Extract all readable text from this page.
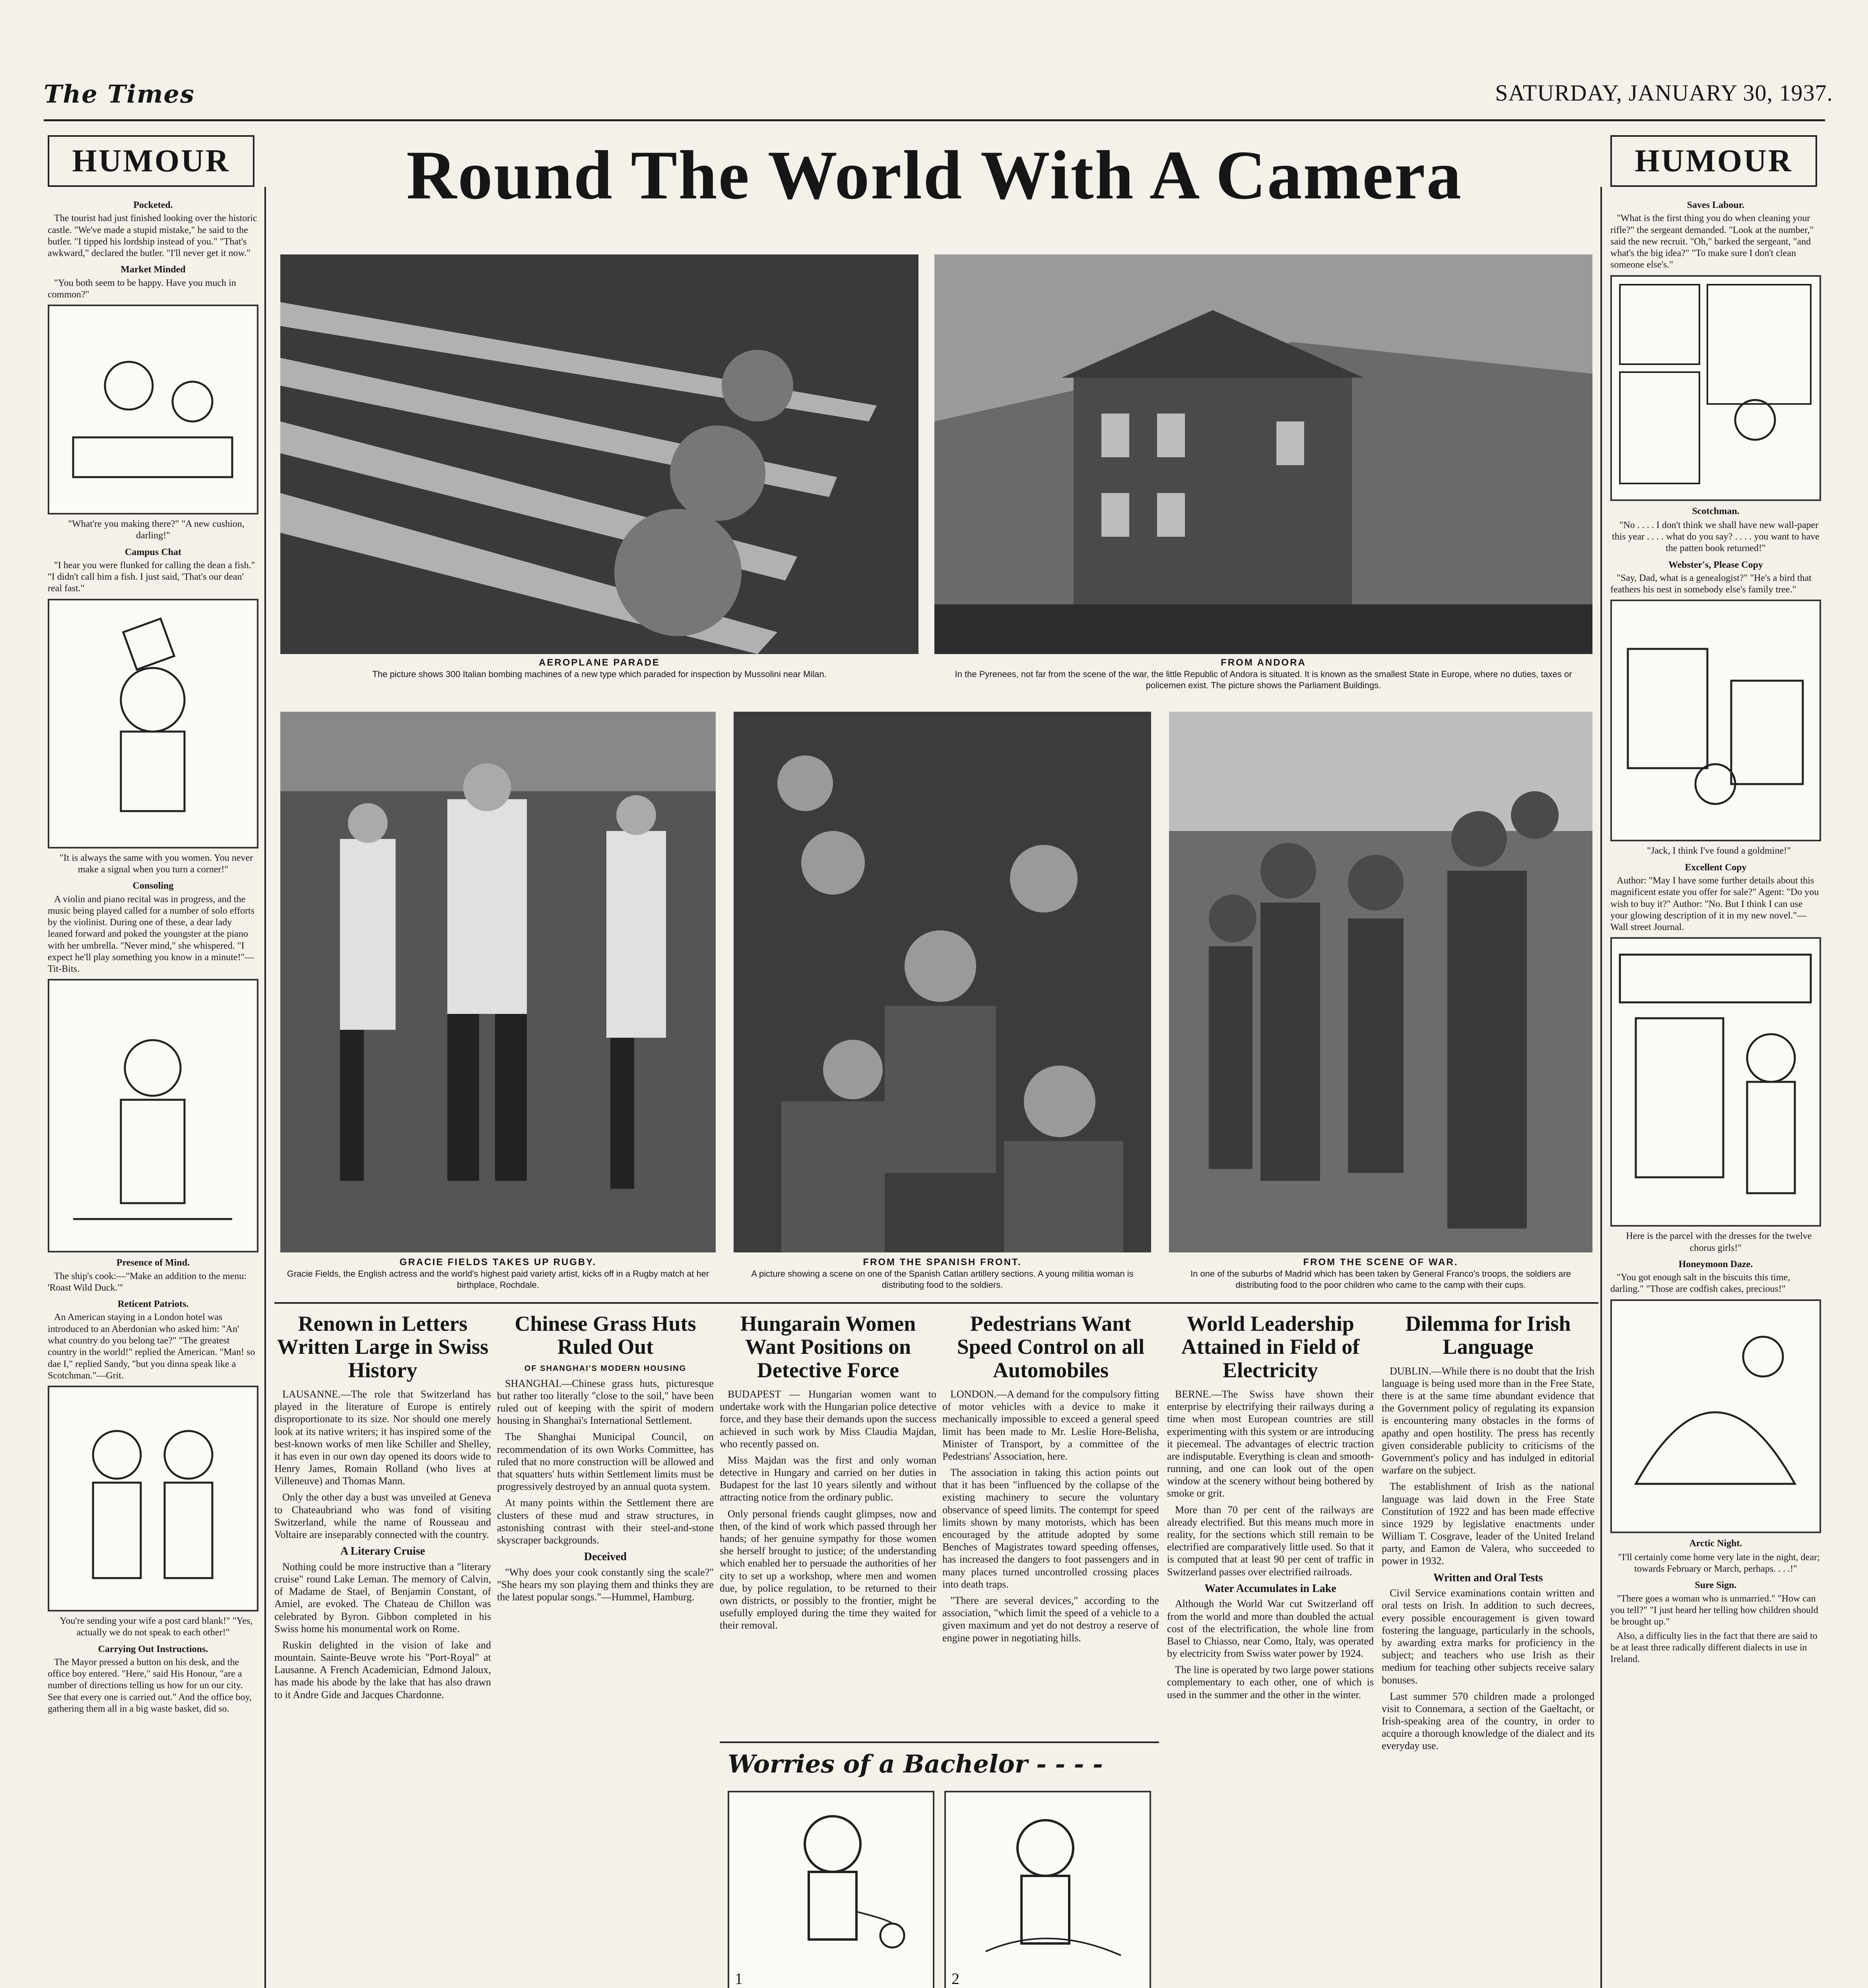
The Times	SATURDAY, JANUARY 30, 1937.
HUMOUR	HUMOUR
Round The World With A Camera
AEROPLANE PARADE
The picture shows 300 Italian bombing machines of a new type which paraded for inspection by Mussolini near Milan.
FROM ANDORA
In the Pyrenees, not far from the scene of the war, the little Republic of Andora is situated. It is known as the smallest State in Europe, where no duties, taxes or policemen exist. The picture shows the Parliament Buildings.
GRACIE FIELDS TAKES UP RUGBY.
Gracie Fields, the English actress and the world's highest paid variety artist, kicks off in a Rugby match at her birthplace, Rochdale.
FROM THE SPANISH FRONT.
A picture showing a scene on one of the Spanish Catlan artillery sections. A young militia woman is distributing food to the soldiers.
FROM THE SCENE OF WAR.
In one of the suburbs of Madrid which has been taken by General Franco's troops, the soldiers are distributing food to the poor children who came to the camp with their cups.
Renown in Letters Written Large in Swiss History

LAUSANNE.—The role that Switzerland has played in the literature of Europe is entirely disproportionate to its size. Nor should one merely look at its native writers; it has inspired some of the best-known works of men like Schiller and Shelley, it has even in our own day opened its doors wide to Henry James, Romain Rolland (who lives at Villeneuve) and Thomas Mann.

Only the other day a bust was unveiled at Geneva to Chateaubriand who was fond of visiting Switzerland, while the name of Rousseau and Voltaire are inseparably connected with the country.

A Literary Cruise

Nothing could be more instructive than a "literary cruise" round Lake Leman. The memory of Calvin, of Madame de Stael, of Benjamin Constant, of Amiel, are evoked. The Chateau de Chillon was celebrated by Byron. Gibbon completed in his Swiss home his monumental work on Rome.

Ruskin delighted in the vision of lake and mountain. Sainte-Beuve wrote his "Port-Royal" at Lausanne. A French Academician, Edmond Jaloux, has made his abode by the lake that has also drawn to it Andre Gide and Jacques Chardonne.

Chinese Grass Huts Ruled Out
OF SHANGHAI'S MODERN HOUSING

SHANGHAI.—Chinese grass huts, picturesque but rather too literally "close to the soil," have been ruled out of keeping with the spirit of modern housing in Shanghai's International Settlement.

The Shanghai Municipal Council, on recommendation of its own Works Committee, has ruled that no more construction will be allowed and that squatters' huts within Settlement limits must be progressively destroyed by an annual quota system.

At many points within the Settlement there are clusters of these mud and straw structures, in astonishing contrast with their steel-and-stone skyscraper backgrounds.

Deceived

"Why does your cook constantly sing the scale?" "She hears my son playing them and thinks they are the latest popular songs."—Hummel, Hamburg.

Hungarain Women Want Positions on Detective Force

BUDAPEST — Hungarian women want to undertake work with the Hungarian police detective force, and they base their demands upon the success achieved in such work by Miss Claudia Majdan, who recently passed on.

Miss Majdan was the first and only woman detective in Hungary and carried on her duties in Budapest for the last 10 years silently and without attracting notice from the ordinary public.

Only personal friends caught glimpses, now and then, of the kind of work which passed through her hands; of her genuine sympathy for those women she herself brought to justice; of the understanding which enabled her to persuade the authorities of her city to set up a workshop, where men and women due, by police regulation, to be returned to their own districts, or possibly to the frontier, might be usefully employed during the time they waited for their removal.

Pedestrians Want Speed Control on all Automobiles

LONDON.—A demand for the compulsory fitting of motor vehicles with a device to make it mechanically impossible to exceed a general speed limit has been made to Mr. Leslie Hore-Belisha, Minister of Transport, by a committee of the Pedestrians' Association, here.

The association in taking this action points out that it has been "influenced by the collapse of the existing machinery to secure the voluntary observance of speed limits. The contempt for speed limits shown by many motorists, which has been encouraged by the attitude adopted by some Benches of Magistrates toward speeding offenses, has increased the dangers to foot passengers and in many places turned uncontrolled crossing places into death traps.

"There are several devices," according to the association, "which limit the speed of a vehicle to a given maximum and yet do not destroy a reserve of engine power in negotiating hills.

Worries of a Bachelor - - - -
1	2
World Leadership Attained in Field of Electricity

BERNE.—The Swiss have shown their enterprise by electrifying their railways during a time when most European countries are still experimenting with this system or are introducing it piecemeal. The advantages of electric traction are indisputable. Everything is clean and smooth-running, and one can look out of the open window at the scenery without being bothered by smoke or grit.

More than 70 per cent of the railways are already electrified. But this means much more in reality, for the sections which still remain to be electrified are comparatively little used. So that it is computed that at least 90 per cent of traffic in Switzerland passes over electrified railroads.

Water Accumulates in Lake

Although the World War cut Switzerland off from the world and more than doubled the actual cost of the electrification, the whole line from Basel to Chiasso, near Como, Italy, was operated by electricity from Swiss water power by 1924.

The line is operated by two large power stations complementary to each other, one of which is used in the summer and the other in the winter.

Dilemma for Irish Language

DUBLIN.—While there is no doubt that the Irish language is being used more than in the Free State, there is at the same time abundant evidence that the Government policy of regulating its expansion is encountering many obstacles in the forms of apathy and open hostility. The press has recently given considerable publicity to criticisms of the Government's policy and has indulged in editorial warfare on the subject.

The establishment of Irish as the national language was laid down in the Free State Constitution of 1922 and has been made effective since 1929 by legislative enactments under William T. Cosgrave, leader of the United Ireland party, and Eamon de Valera, who succeeded to power in 1932.

Written and Oral Tests

Civil Service examinations contain written and oral tests on Irish. In addition to such decrees, every possible encouragement is given toward fostering the language, particularly in the schools, by awarding extra marks for proficiency in the subject; and teachers who use Irish as their medium for teaching other subjects receive salary bonuses.

Last summer 570 children made a prolonged visit to Connemara, a section of the Gaeltacht, or Irish-speaking area of the country, in order to acquire a thorough knowledge of the dialect and its everyday use.

Pocketed.

The tourist had just finished looking over the historic castle. "We've made a stupid mistake," he said to the butler. "I tipped his lordship instead of you." "That's awkward," declared the butler. "I'll never get it now."

Market Minded

"You both seem to be happy. Have you much in common?"

"What're you making there?" "A new cushion, darling!"

Campus Chat

"I hear you were flunked for calling the dean a fish." "I didn't call him a fish. I just said, 'That's our dean' real fast."

"It is always the same with you women. You never make a signal when you turn a corner!"

Consoling

A violin and piano recital was in progress, and the music being played called for a number of solo efforts by the violinist. During one of these, a dear lady leaned forward and poked the youngster at the piano with her umbrella. "Never mind," she whispered. "I expect he'll play something you know in a minute!"—Tit-Bits.

Presence of Mind.

The ship's cook:—"Make an addition to the menu: 'Roast Wild Duck.'"

Reticent Patriots.

An American staying in a London hotel was introduced to an Aberdonian who asked him: "An' what country do you belong tae?" "The greatest country in the world!" replied the American. "Man! so dae I," replied Sandy, "but you dinna speak like a Scotchman."—Grit.

You're sending your wife a post card blank!" "Yes, actually we do not speak to each other!"

Carrying Out Instructions.

The Mayor pressed a button on his desk, and the office boy entered. "Here," said His Honour, "are a number of directions telling us how for un our city. See that every one is carried out." And the office boy, gathering them all in a big waste basket, did so.

Saves Labour.

"What is the first thing you do when cleaning your rifle?" the sergeant demanded. "Look at the number," said the new recruit. "Oh," barked the sergeant, "and what's the big idea?" "To make sure I don't clean someone else's."

Scotchman.

"No . . . . I don't think we shall have new wall-paper this year . . . . what do you say? . . . . you want to have the patten book returned!"

Webster's, Please Copy

"Say, Dad, what is a genealogist?" "He's a bird that feathers his nest in somebody else's family tree."

"Jack, I think I've found a goldmine!"

Excellent Copy

Author: "May I have some further details about this magnificent estate you offer for sale?" Agent: "Do you wish to buy it?" Author: "No. But I think I can use your glowing description of it in my new novel."—Wall street Journal.

Here is the parcel with the dresses for the twelve chorus girls!"

Honeymoon Daze.

"You got enough salt in the biscuits this time, darling." "Those are codfish cakes, precious!"

Arctic Night.

"I'll certainly come home very late in the night, dear; towards February or March, perhaps. . . .!"

Sure Sign.

"There goes a woman who is unmarried." "How can you tell?" "I just heard her telling how children should be brought up."

Also, a difficulty lies in the fact that there are said to be at least three radically different dialects in use in Ireland.
